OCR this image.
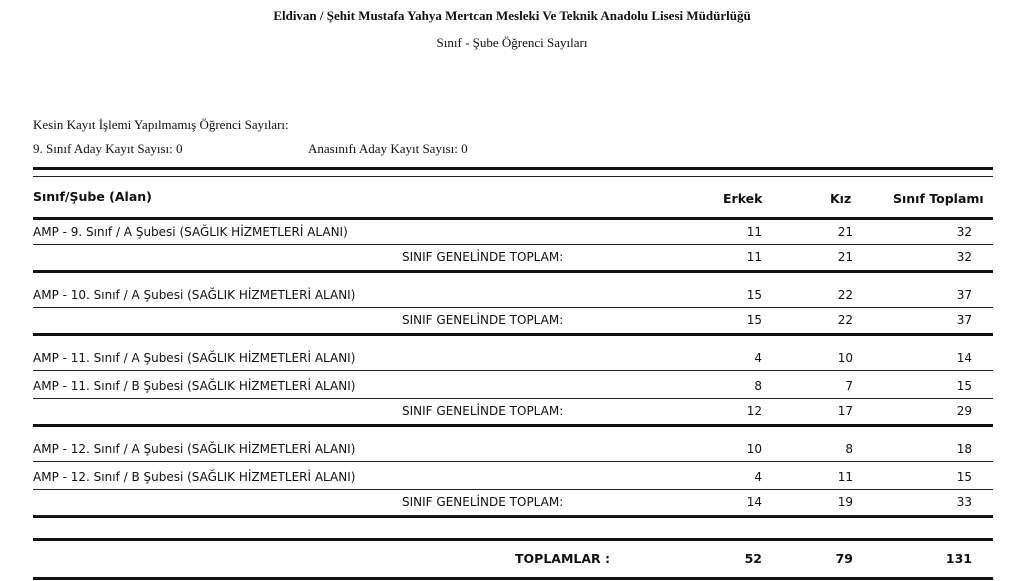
Eldivan / Şehit Mustafa Yahya Mertcan Mesleki Ve Teknik Anadolu Lisesi Müdürlüğü
Sınıf - Şube Öğrenci Sayıları
Kesin Kayıt İşlemi Yapılmamış Öğrenci Sayıları:
9. Sınıf Aday Kayıt Sayısı: 0	Anasınıfı Aday Kayıt Sayısı: 0
Sınıf/Şube (Alan)	Erkek	Kız	Sınıf Toplamı
AMP - 9. Sınıf / A Şubesi (SAĞLIK HİZMETLERİ ALANI)	11	21	32
SINIF GENELİNDE TOPLAM:	11	21	32
AMP - 10. Sınıf / A Şubesi (SAĞLIK HİZMETLERİ ALANI)	15	22	37
SINIF GENELİNDE TOPLAM:	15	22	37
AMP - 11. Sınıf / A Şubesi (SAĞLIK HİZMETLERİ ALANI)	4	10	14
AMP - 11. Sınıf / B Şubesi (SAĞLIK HİZMETLERİ ALANI)	8	7	15
SINIF GENELİNDE TOPLAM:	12	17	29
AMP - 12. Sınıf / A Şubesi (SAĞLIK HİZMETLERİ ALANI)	10	8	18
AMP - 12. Sınıf / B Şubesi (SAĞLIK HİZMETLERİ ALANI)	4	11	15
SINIF GENELİNDE TOPLAM:	14	19	33
TOPLAMLAR :	52	79	131
